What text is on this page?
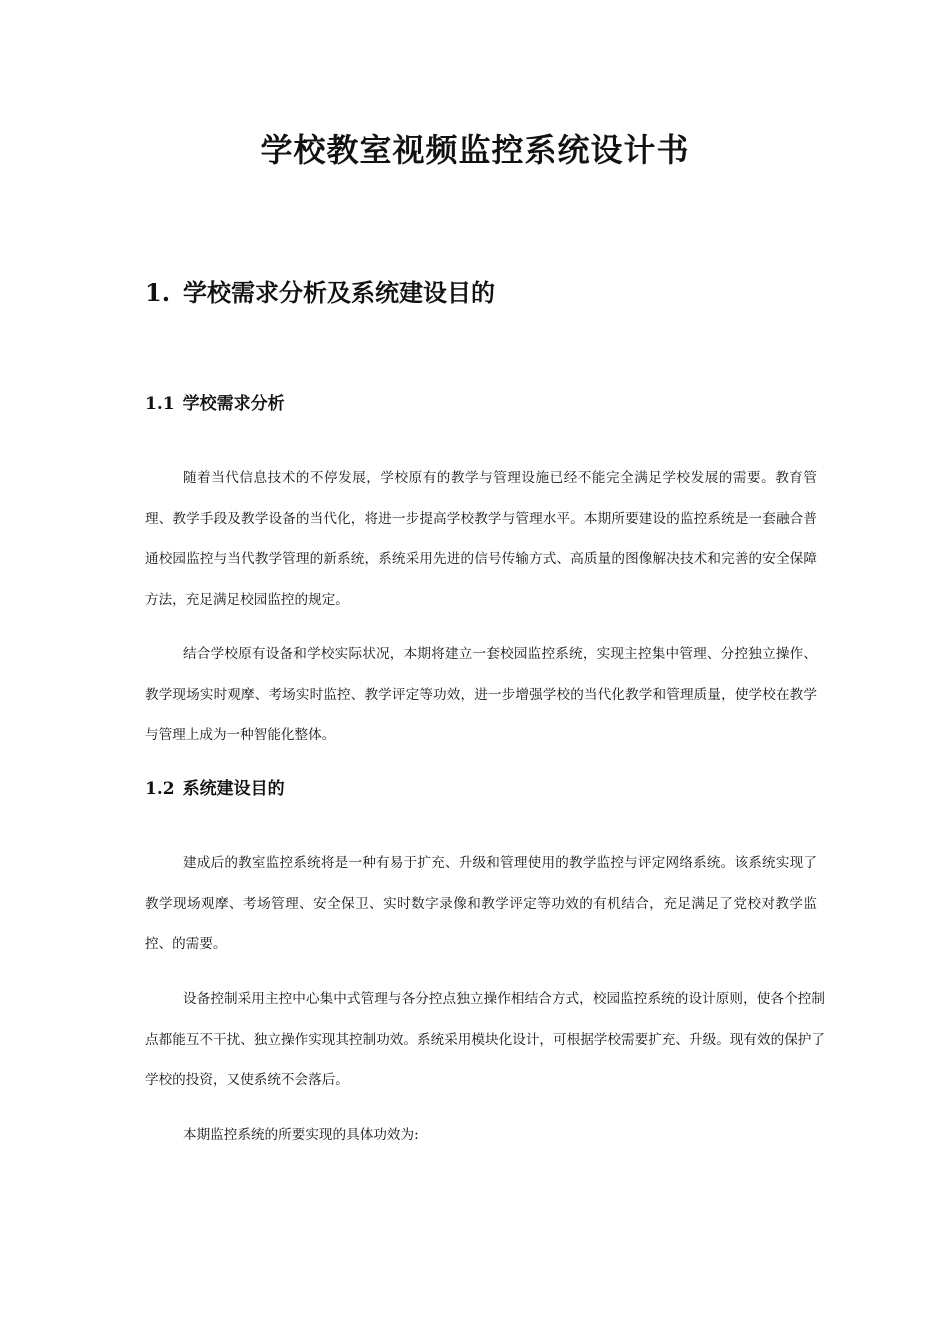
学校教室视频监控系统设计书
1. 学校需求分析及系统建设目的
1.1 学校需求分析

随着当代信息技术的不停发展，学校原有的教学与管理设施已经不能完全满足学校发展的需要。教育管理、教学手段及教学设备的当代化，将进一步提高学校教学与管理水平。本期所要建设的监控系统是一套融合普通校园监控与当代教学管理的新系统，系统采用先进的信号传输方式、高质量的图像解决技术和完善的安全保障方法，充足满足校园监控的规定。

结合学校原有设备和学校实际状况，本期将建立一套校园监控系统，实现主控集中管理、分控独立操作、教学现场实时观摩、考场实时监控、教学评定等功效，进一步增强学校的当代化教学和管理质量，使学校在教学与管理上成为一种智能化整体。

1.2 系统建设目的

建成后的教室监控系统将是一种有易于扩充、升级和管理使用的教学监控与评定网络系统。该系统实现了教学现场观摩、考场管理、安全保卫、实时数字录像和教学评定等功效的有机结合，充足满足了党校对教学监控、的需要。

设备控制采用主控中心集中式管理与各分控点独立操作相结合方式，校园监控系统的设计原则，使各个控制点都能互不干扰、独立操作实现其控制功效。系统采用模块化设计，可根据学校需要扩充、升级。现有效的保护了学校的投资，又使系统不会落后。

本期监控系统的所要实现的具体功效为:
